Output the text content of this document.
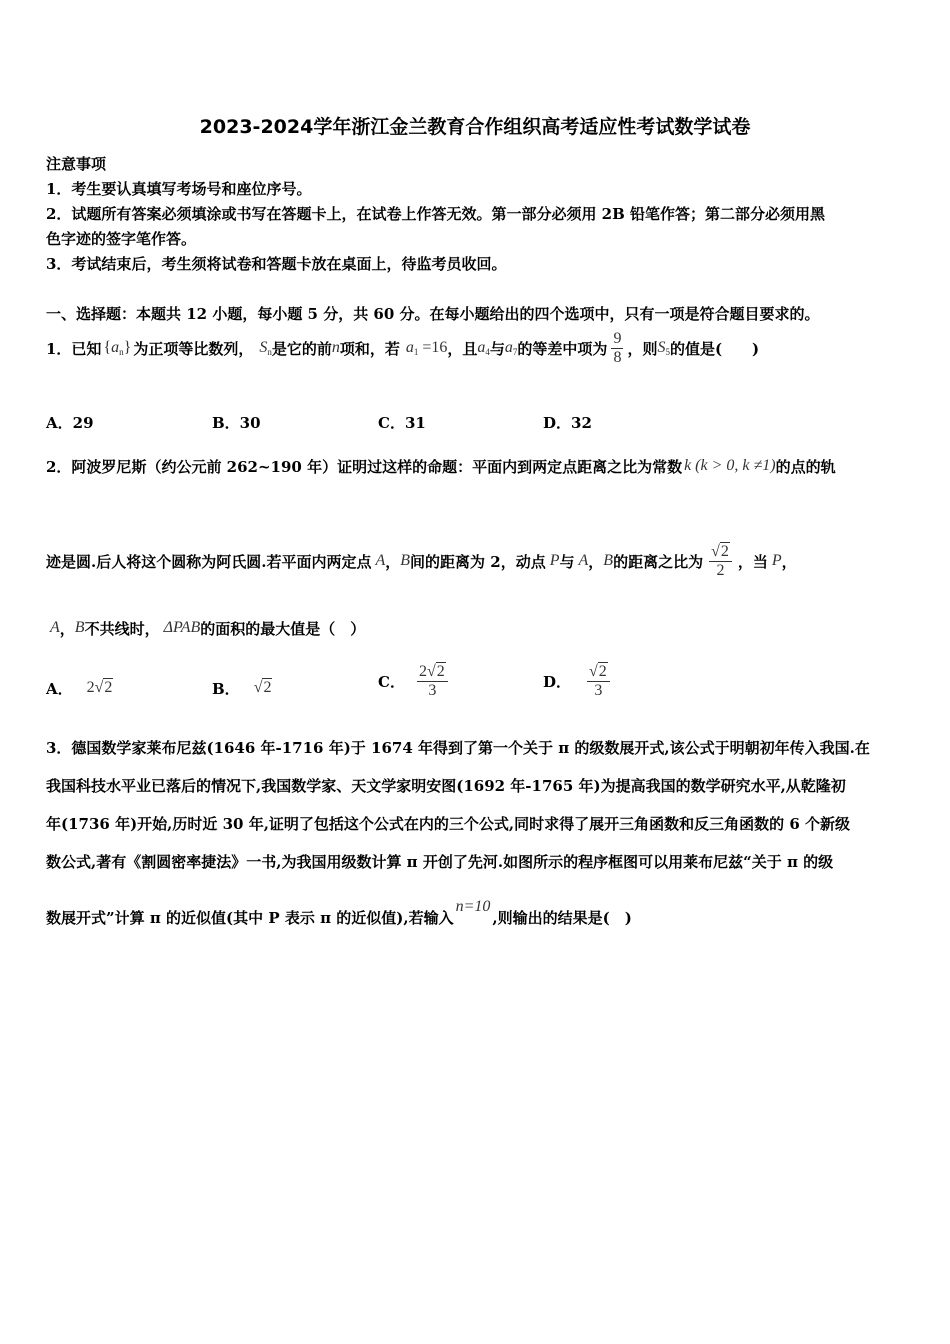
2023-2024学年浙江金兰教育合作组织高考适应性考试数学试卷
注意事项
1．考生要认真填写考场号和座位序号。
2．试题所有答案必须填涂或书写在答题卡上，在试卷上作答无效。第一部分必须用 2B 铅笔作答；第二部分必须用黑
色字迹的签字笔作答。
3．考试结束后，考生须将试卷和答题卡放在桌面上，待监考员收回。
一、选择题：本题共 12 小题，每小题 5 分，共 60 分。在每小题给出的四个选项中，只有一项是符合题目要求的。
1．已知 $\{a_n\}$ 为正项等比数列， $S_n$ 是它的前 n 项和，若 $a_1 =16$ ，且 $a_4$ 与 $a_7$ 的等差中项为 $\frac{9}{8}$ ，则 $S_5$ 的值是(　　)
A．29	B．30	C．31	D．32
2．阿波罗尼斯（约公元前 262~190 年）证明过这样的命题：平面内到两定点距离之比为常数 k (k > 0, k ≠1) 的点的轨
迹是圆.后人将这个圆称为阿氏圆.若平面内两定点 A ， B 间的距离为 2，动点 P 与 A ， B 的距离之比为 $\frac{√2}{2}$ ，当 P ，
A ， B 不共线时， ΔPAB 的面积的最大值是（　）
A． 2√2	B． √2	C． $\frac{2√2}{3}$	D． $\frac{√2}{3}$
3．德国数学家莱布尼兹(1646 年-1716 年)于 1674 年得到了第一个关于 π 的级数展开式,该公式于明朝初年传入我国.在
我国科技水平业已落后的情况下,我国数学家、天文学家明安图(1692 年-1765 年)为提高我国的数学研究水平,从乾隆初
年(1736 年)开始,历时近 30 年,证明了包括这个公式在内的三个公式,同时求得了展开三角函数和反三角函数的 6 个新级
数公式,著有《割圆密率捷法》一书,为我国用级数计算 π 开创了先河.如图所示的程序框图可以用莱布尼兹“关于 π 的级
数展开式”计算 π 的近似值(其中 P 表示 π 的近似值),若输入
n=10
,则输出的结果是(　)
